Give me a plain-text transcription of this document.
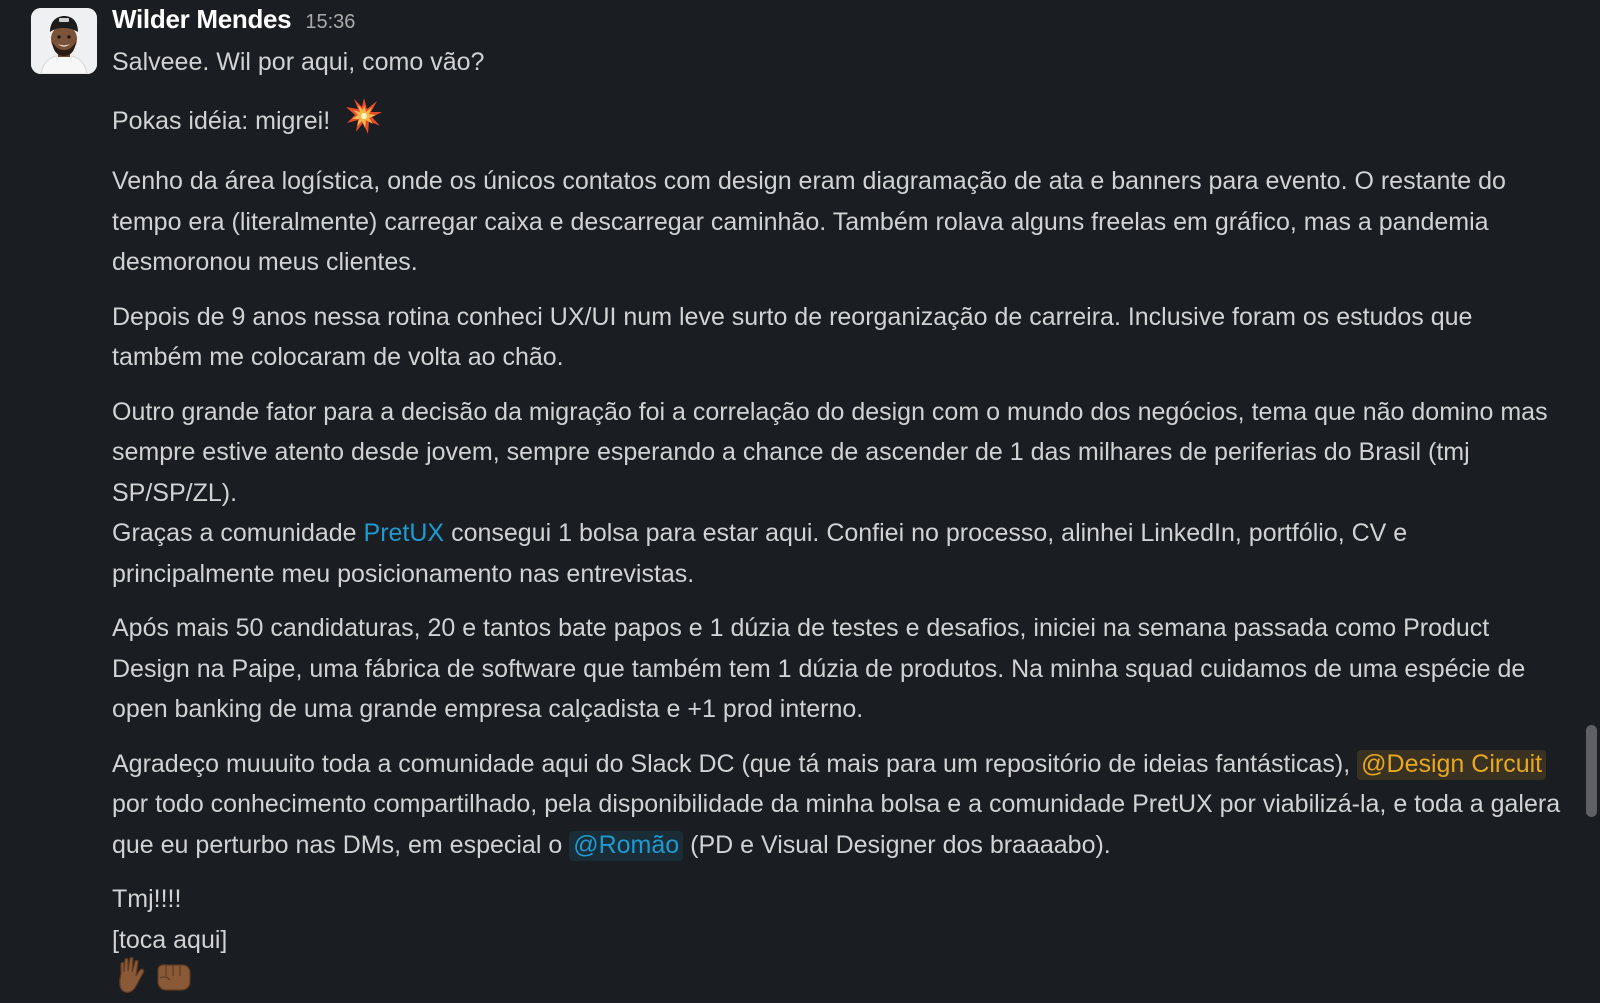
Wilder Mendes 15:36

Salveee. Wil por aqui, como vão?

Pokas idéia: migrei!

Venho da área logística, onde os únicos contatos com design eram diagramação de ata e banners para evento. O restante do tempo era (literalmente) carregar caixa e descarregar caminhão. Também rolava alguns freelas em gráfico, mas a pandemia desmoronou meus clientes.

Depois de 9 anos nessa rotina conheci UX/UI num leve surto de reorganização de carreira. Inclusive foram os estudos que também me colocaram de volta ao chão.

Outro grande fator para a decisão da migração foi a correlação do design com o mundo dos negócios, tema que não domino mas sempre estive atento desde jovem, sempre esperando a chance de ascender de 1 das milhares de periferias do Brasil (tmj SP/SP/ZL).

Graças a comunidade PretUX consegui 1 bolsa para estar aqui. Confiei no processo, alinhei LinkedIn, portfólio, CV e principalmente meu posicionamento nas entrevistas.

Após mais 50 candidaturas, 20 e tantos bate papos e 1 dúzia de testes e desafios, iniciei na semana passada como Product Design na Paipe, uma fábrica de software que também tem 1 dúzia de produtos. Na minha squad cuidamos de uma espécie de open banking de uma grande empresa calçadista e +1 prod interno.

Agradeço muuuito toda a comunidade aqui do Slack DC (que tá mais para um repositório de ideias fantásticas), @Design Circuit por todo conhecimento compartilhado, pela disponibilidade da minha bolsa e a comunidade PretUX por viabilizá-la, e toda a galera que eu perturbo nas DMs, em especial o @Romão (PD e Visual Designer dos braaaabo).

Tmj!!!!

[toca aqui]
